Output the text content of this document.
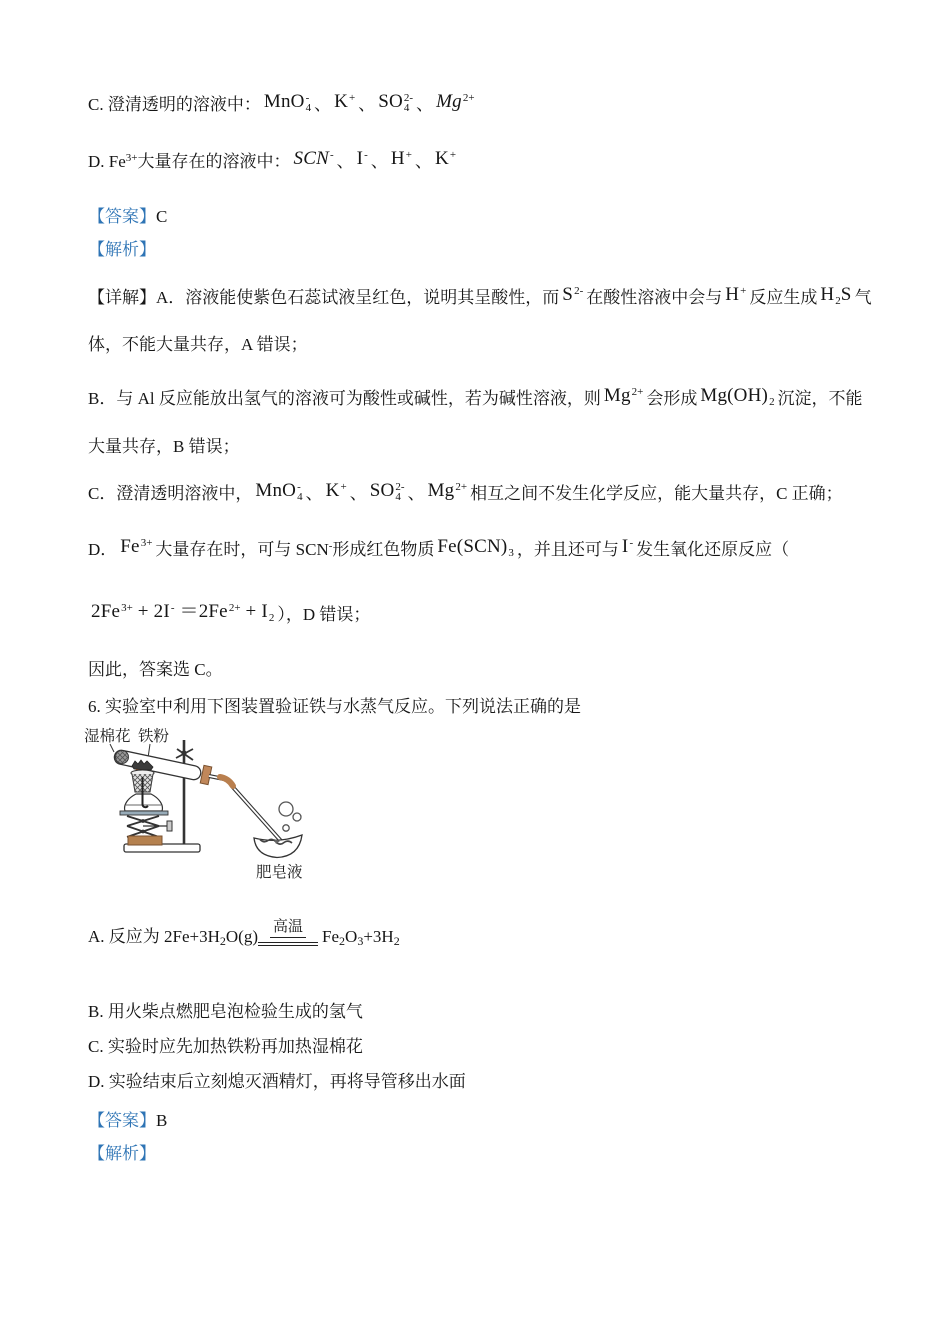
C. 澄清透明的溶液中： MnO -
4 、 K +
、 SO 2-
4 、 Mg 2+

D. $Fe^{3+}$大量存在的溶液中： SCN -
、 I -
、 H +
、 K +

【答案】C
【解析】
【详解】A．溶液能使紫色石蕊试液呈红色，说明其呈酸性，而 S 2-
在酸性溶液中会与 H +
反应生成 H
2 S 气
体，不能大量共存，A 错误；
B．与 Al 反应能放出氢气的溶液可为酸性或碱性，若为碱性溶液，则 Mg 2+
会形成 Mg(OH)
2 沉淀，不能
大量共存，B 错误；
C．澄清透明溶液中， MnO -
4 、 K +
、 SO 2-
4 、 Mg 2+
相互之间不发生化学反应，能大量共存，C 正确；
D． Fe 3+
大量存在时，可与 SCN-形成红色物质 Fe(SCN)
3 ，并且还可与 I -
发生氧化还原反应（
2Fe 3+
+ 2I -
＝2Fe 2+
+ I
2 ），D 错误；
因此，答案选 C。
6. 实验室中利用下图装置验证铁与水蒸气反应。下列说法正确的是
湿棉花 铁粉
肥皂液
A. 反应为 $2Fe+3H_2O(g)$ 高温 $Fe_2O_3+3H_2$
B. 用火柴点燃肥皂泡检验生成的氢气
C. 实验时应先加热铁粉再加热湿棉花
D. 实验结束后立刻熄灭酒精灯，再将导管移出水面
【答案】B
【解析】
